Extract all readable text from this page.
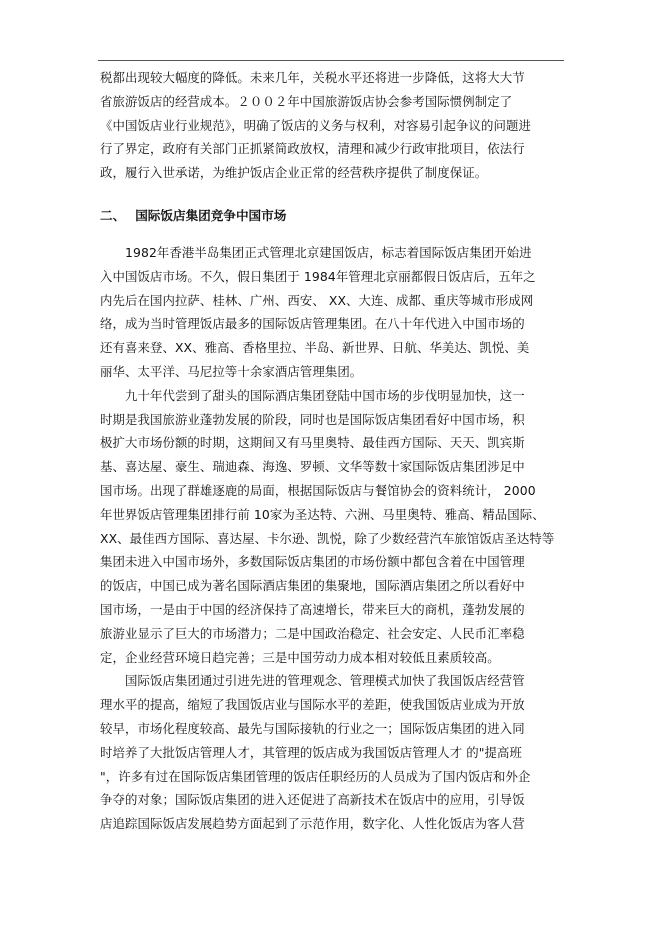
税都出现较大幅度的降低。未来几年，关税水平还将进一步降低，这将大大节
省旅游饭店的经营成本。２００２年中国旅游饭店协会参考国际惯例制定了
《中国饭店业行业规范》，明确了饭店的义务与权利，对容易引起争议的问题进
行了界定，政府有关部门正抓紧简政放权，清理和减少行政审批项目，依法行
政，履行入世承诺，为维护饭店企业正常的经营秩序提供了制度保证。
二、 国际饭店集团竞争中国市场
1982年香港半岛集团正式管理北京建国饭店，标志着国际饭店集团开始进
入中国饭店市场。不久，假日集团于 1984年管理北京丽都假日饭店后，五年之
内先后在国内拉萨、桂林、广州、西安、 XX、大连、成都、重庆等城市形成网
络，成为当时管理饭店最多的国际饭店管理集团。在八十年代进入中国市场的
还有喜来登、XX、雅高、香格里拉、半岛、新世界、日航、华美达、凯悦、美
丽华、太平洋、马尼拉等十余家酒店管理集团。
九十年代尝到了甜头的国际酒店集团登陆中国市场的步伐明显加快，这一
时期是我国旅游业蓬勃发展的阶段，同时也是国际饭店集团看好中国市场，积
极扩大市场份额的时期，这期间又有马里奥特、最佳西方国际、天天、凯宾斯
基、喜达屋、豪生、瑞迪森、海逸、罗顿、文华等数十家国际饭店集团涉足中
国市场。出现了群雄逐鹿的局面，根据国际饭店与餐馆协会的资料统计， 2000
年世界饭店管理集团排行前 10家为圣达特、六洲、马里奥特、雅高、精品国际、
XX、最佳西方国际、喜达屋、卡尔逊、凯悦，除了少数经营汽车旅馆饭店圣达特等
集团未进入中国市场外，多数国际饭店集团的市场份额中都包含着在中国管理
的饭店，中国已成为著名国际酒店集团的集聚地，国际酒店集团之所以看好中
国市场，一是由于中国的经济保持了高速增长，带来巨大的商机，蓬勃发展的
旅游业显示了巨大的市场潜力；二是中国政治稳定、社会安定、人民币汇率稳
定，企业经营环境日趋完善；三是中国劳动力成本相对较低且素质较高。
国际饭店集团通过引进先进的管理观念、管理模式加快了我国饭店经营管
理水平的提高，缩短了我国饭店业与国际水平的差距，使我国饭店业成为开放
较早，市场化程度较高、最先与国际接轨的行业之一；国际饭店集团的进入同
时培养了大批饭店管理人才，其管理的饭店成为我国饭店管理人才 的"提高班
"，许多有过在国际饭店集团管理的饭店任职经历的人员成为了国内饭店和外企
争夺的对象；国际饭店集团的进入还促进了高新技术在饭店中的应用，引导饭
店追踪国际饭店发展趋势方面起到了示范作用，数字化、人性化饭店为客人营
